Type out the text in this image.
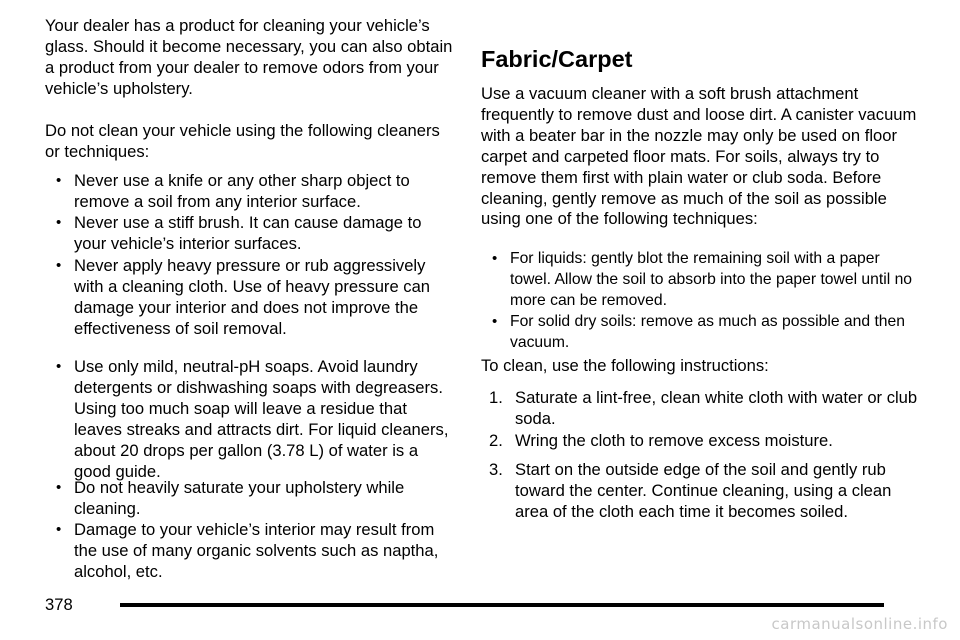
Your dealer has a product for cleaning your vehicle’s glass. Should it become necessary, you can also obtain a product from your dealer to remove odors from your vehicle’s upholstery.

Do not clean your vehicle using the following cleaners or techniques:

• Never use a knife or any other sharp object to remove a soil from any interior surface.
• Never use a stiff brush. It can cause damage to your vehicle’s interior surfaces.
• Never apply heavy pressure or rub aggressively with a cleaning cloth. Use of heavy pressure can damage your interior and does not improve the effectiveness of soil removal.
• Use only mild, neutral-pH soaps. Avoid laundry detergents or dishwashing soaps with degreasers. Using too much soap will leave a residue that leaves streaks and attracts dirt. For liquid cleaners, about 20 drops per gallon (3.78 L) of water is a good guide.
• Do not heavily saturate your upholstery while cleaning.
• Damage to your vehicle’s interior may result from the use of many organic solvents such as naptha, alcohol, etc.
Fabric/Carpet

Use a vacuum cleaner with a soft brush attachment frequently to remove dust and loose dirt. A canister vacuum with a beater bar in the nozzle may only be used on floor carpet and carpeted floor mats. For soils, always try to remove them first with plain water or club soda. Before cleaning, gently remove as much of the soil as possible using one of the following techniques:

• For liquids: gently blot the remaining soil with a paper towel. Allow the soil to absorb into the paper towel until no more can be removed.
• For solid dry soils: remove as much as possible and then vacuum.

To clean, use the following instructions:

1. Saturate a lint-free, clean white cloth with water or club soda.
2. Wring the cloth to remove excess moisture.
3. Start on the outside edge of the soil and gently rub toward the center. Continue cleaning, using a clean area of the cloth each time it becomes soiled.
378
carmanualsonline.info
